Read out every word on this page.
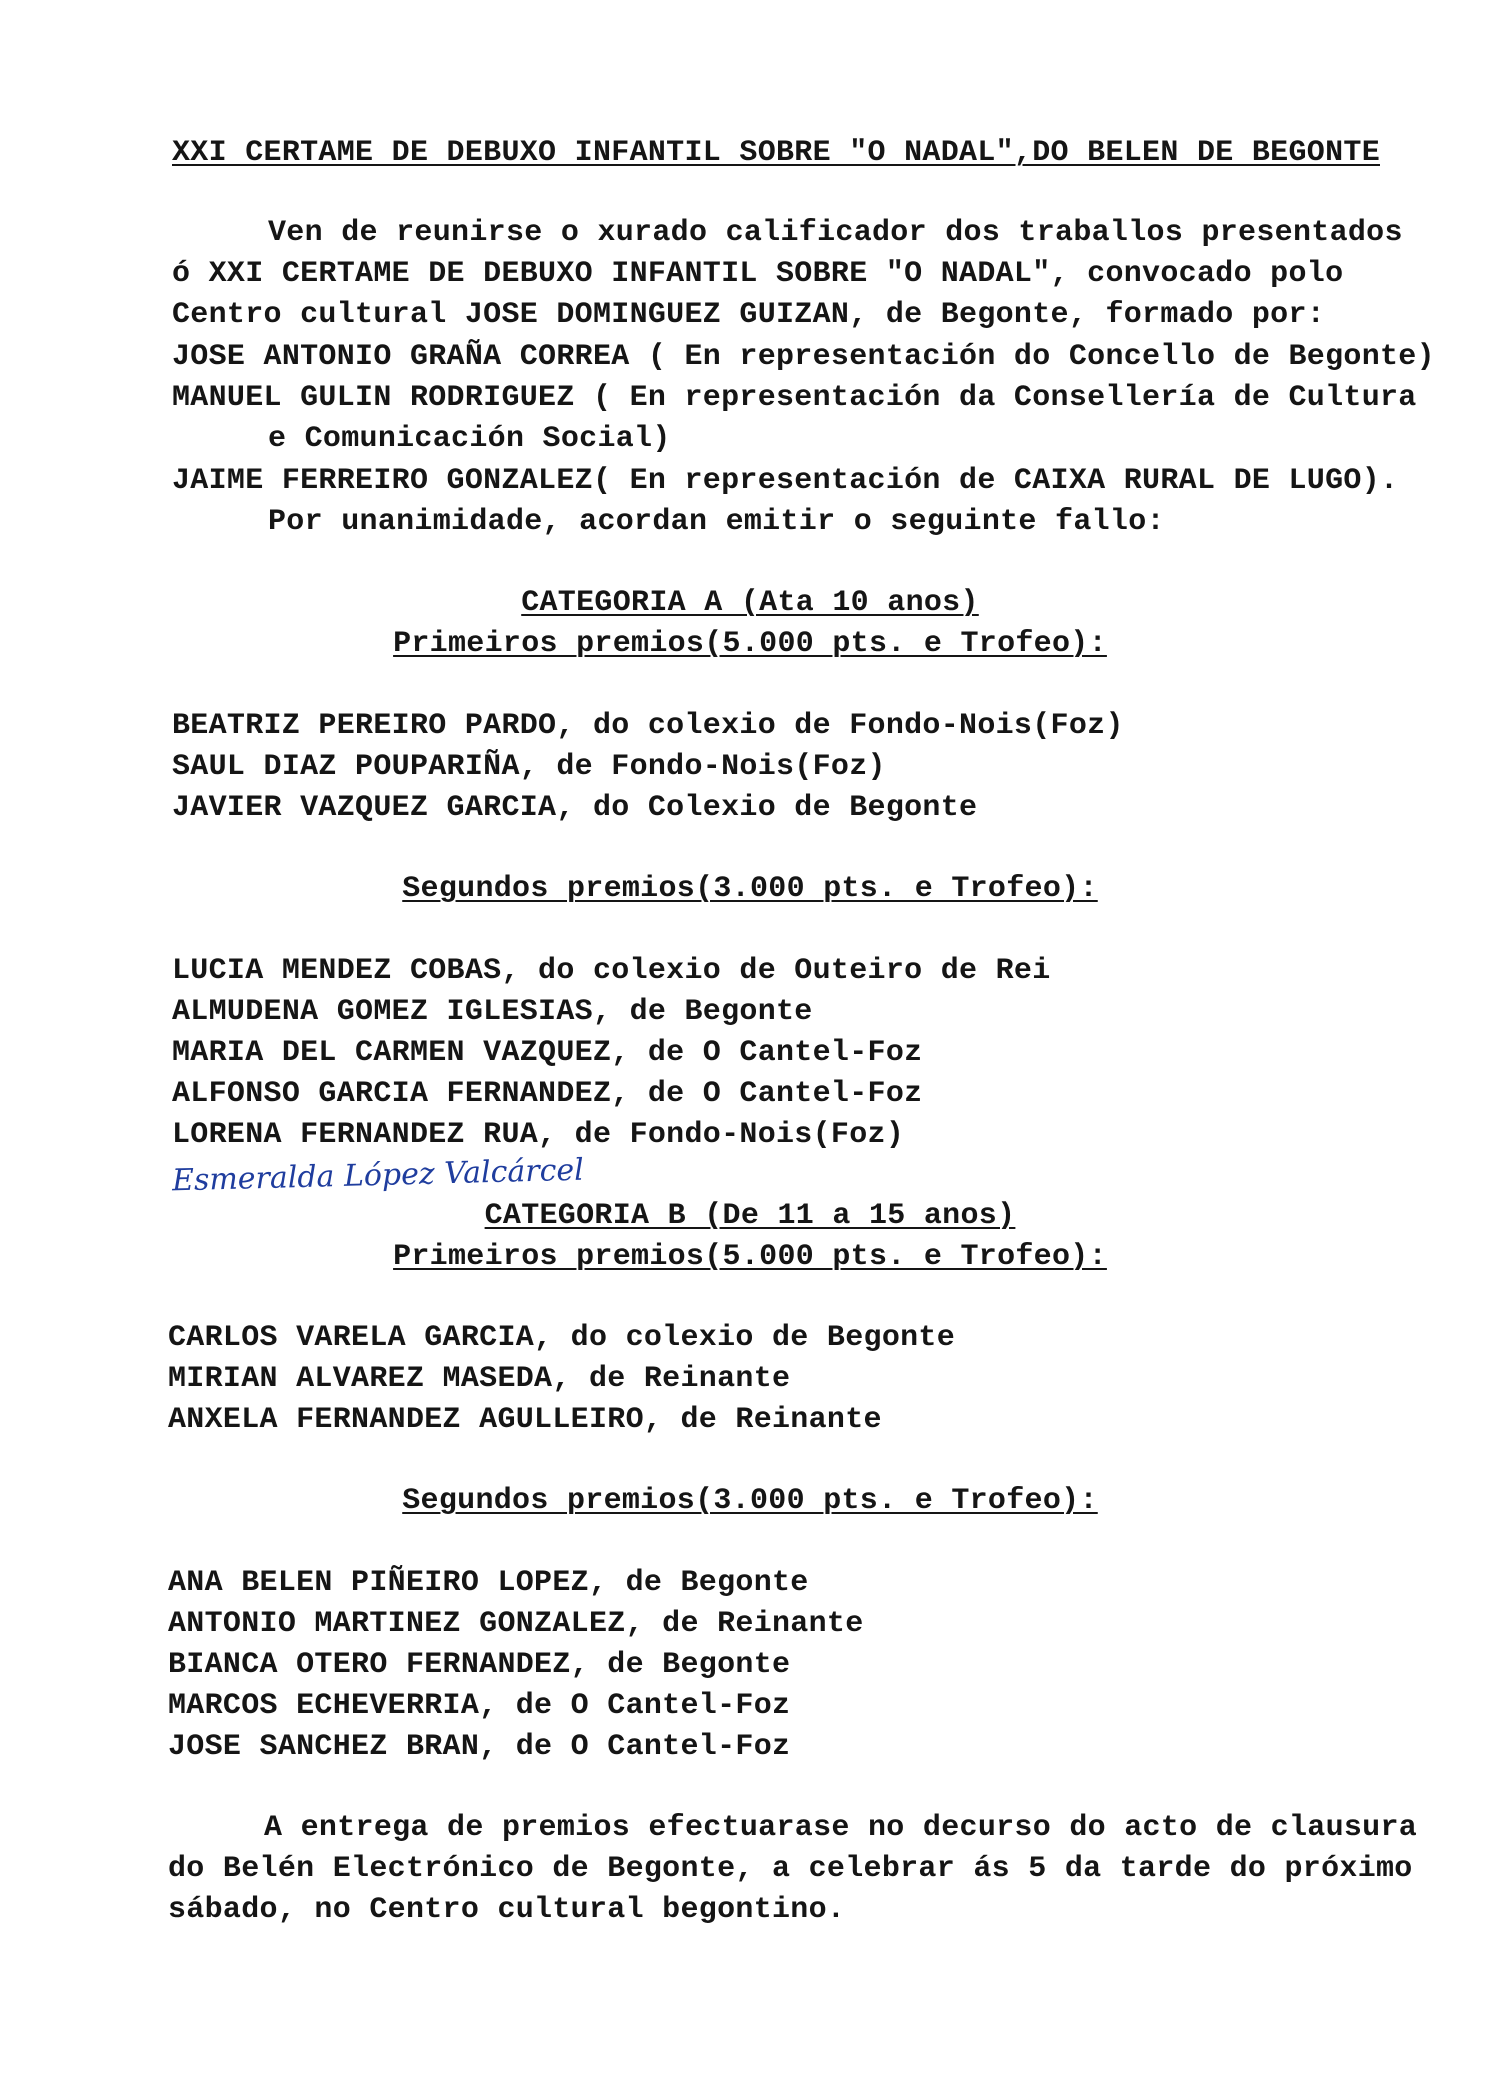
XXI CERTAME DE DEBUXO INFANTIL SOBRE "O NADAL",DO BELEN DE BEGONTE
Ven de reunirse o xurado calificador dos traballos presentados
ó XXI CERTAME DE DEBUXO INFANTIL SOBRE "O NADAL", convocado polo
Centro cultural JOSE DOMINGUEZ GUIZAN, de Begonte, formado por:
JOSE ANTONIO GRAÑA CORREA ( En representación do Concello de Begonte)
MANUEL GULIN RODRIGUEZ ( En representación da Consellería de Cultura
e Comunicación Social)
JAIME FERREIRO GONZALEZ( En representación de CAIXA RURAL DE LUGO).
Por unanimidade, acordan emitir o seguinte fallo:
CATEGORIA A (Ata 10 anos)
Primeiros premios(5.000 pts. e Trofeo):
BEATRIZ PEREIRO PARDO, do colexio de Fondo-Nois(Foz)
SAUL DIAZ POUPARIÑA, de Fondo-Nois(Foz)
JAVIER VAZQUEZ GARCIA, do Colexio de Begonte
Segundos premios(3.000 pts. e Trofeo):
LUCIA MENDEZ COBAS, do colexio de Outeiro de Rei
ALMUDENA GOMEZ IGLESIAS, de Begonte
MARIA DEL CARMEN VAZQUEZ, de O Cantel-Foz
ALFONSO GARCIA FERNANDEZ, de O Cantel-Foz
LORENA FERNANDEZ RUA, de Fondo-Nois(Foz)
Esmeralda López Valcárcel
CATEGORIA B (De 11 a 15 anos)
Primeiros premios(5.000 pts. e Trofeo):
CARLOS VARELA GARCIA, do colexio de Begonte
MIRIAN ALVAREZ MASEDA, de Reinante
ANXELA FERNANDEZ AGULLEIRO, de Reinante
Segundos premios(3.000 pts. e Trofeo):
ANA BELEN PIÑEIRO LOPEZ, de Begonte
ANTONIO MARTINEZ GONZALEZ, de Reinante
BIANCA OTERO FERNANDEZ, de Begonte
MARCOS ECHEVERRIA, de O Cantel-Foz
JOSE SANCHEZ BRAN, de O Cantel-Foz
A entrega de premios efectuarase no decurso do acto de clausura
do Belén Electrónico de Begonte, a celebrar ás 5 da tarde do próximo
sábado, no Centro cultural begontino.
